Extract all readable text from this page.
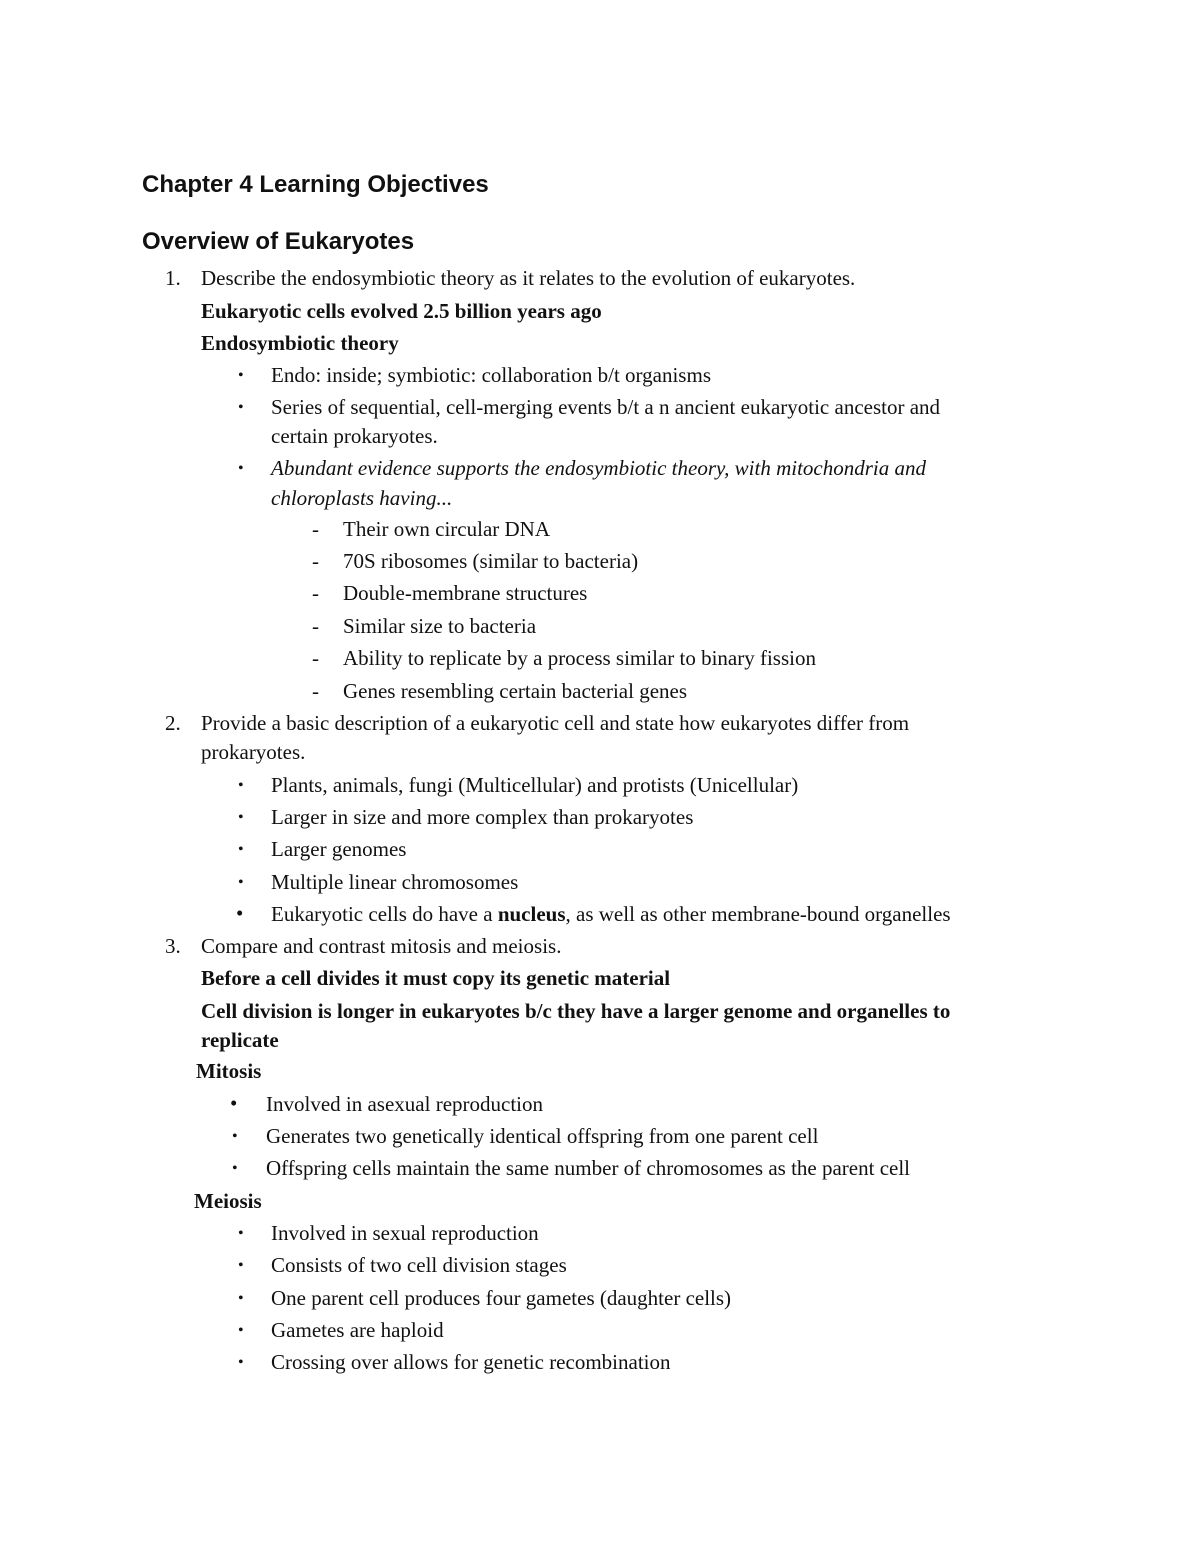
Chapter 4 Learning Objectives
Overview of Eukaryotes
1. Describe the endosymbiotic theory as it relates to the evolution of eukaryotes.
Eukaryotic cells evolved 2.5 billion years ago
Endosymbiotic theory
• Endo: inside; symbiotic: collaboration b/t organisms
• Series of sequential, cell-merging events b/t a n ancient eukaryotic ancestor and
certain prokaryotes.
• Abundant evidence supports the endosymbiotic theory, with mitochondria and
chloroplasts having...
- Their own circular DNA
- 70S ribosomes (similar to bacteria)
- Double-membrane structures
- Similar size to bacteria
- Ability to replicate by a process similar to binary fission
- Genes resembling certain bacterial genes
2. Provide a basic description of a eukaryotic cell and state how eukaryotes differ from
prokaryotes.
• Plants, animals, fungi (Multicellular) and protists (Unicellular)
• Larger in size and more complex than prokaryotes
• Larger genomes
• Multiple linear chromosomes
• Eukaryotic cells do have a nucleus, as well as other membrane-bound organelles
3. Compare and contrast mitosis and meiosis.
Before a cell divides it must copy its genetic material
Cell division is longer in eukaryotes b/c they have a larger genome and organelles to
replicate
Mitosis
• Involved in asexual reproduction
• Generates two genetically identical offspring from one parent cell
• Offspring cells maintain the same number of chromosomes as the parent cell
Meiosis
• Involved in sexual reproduction
• Consists of two cell division stages
• One parent cell produces four gametes (daughter cells)
• Gametes are haploid
• Crossing over allows for genetic recombination
